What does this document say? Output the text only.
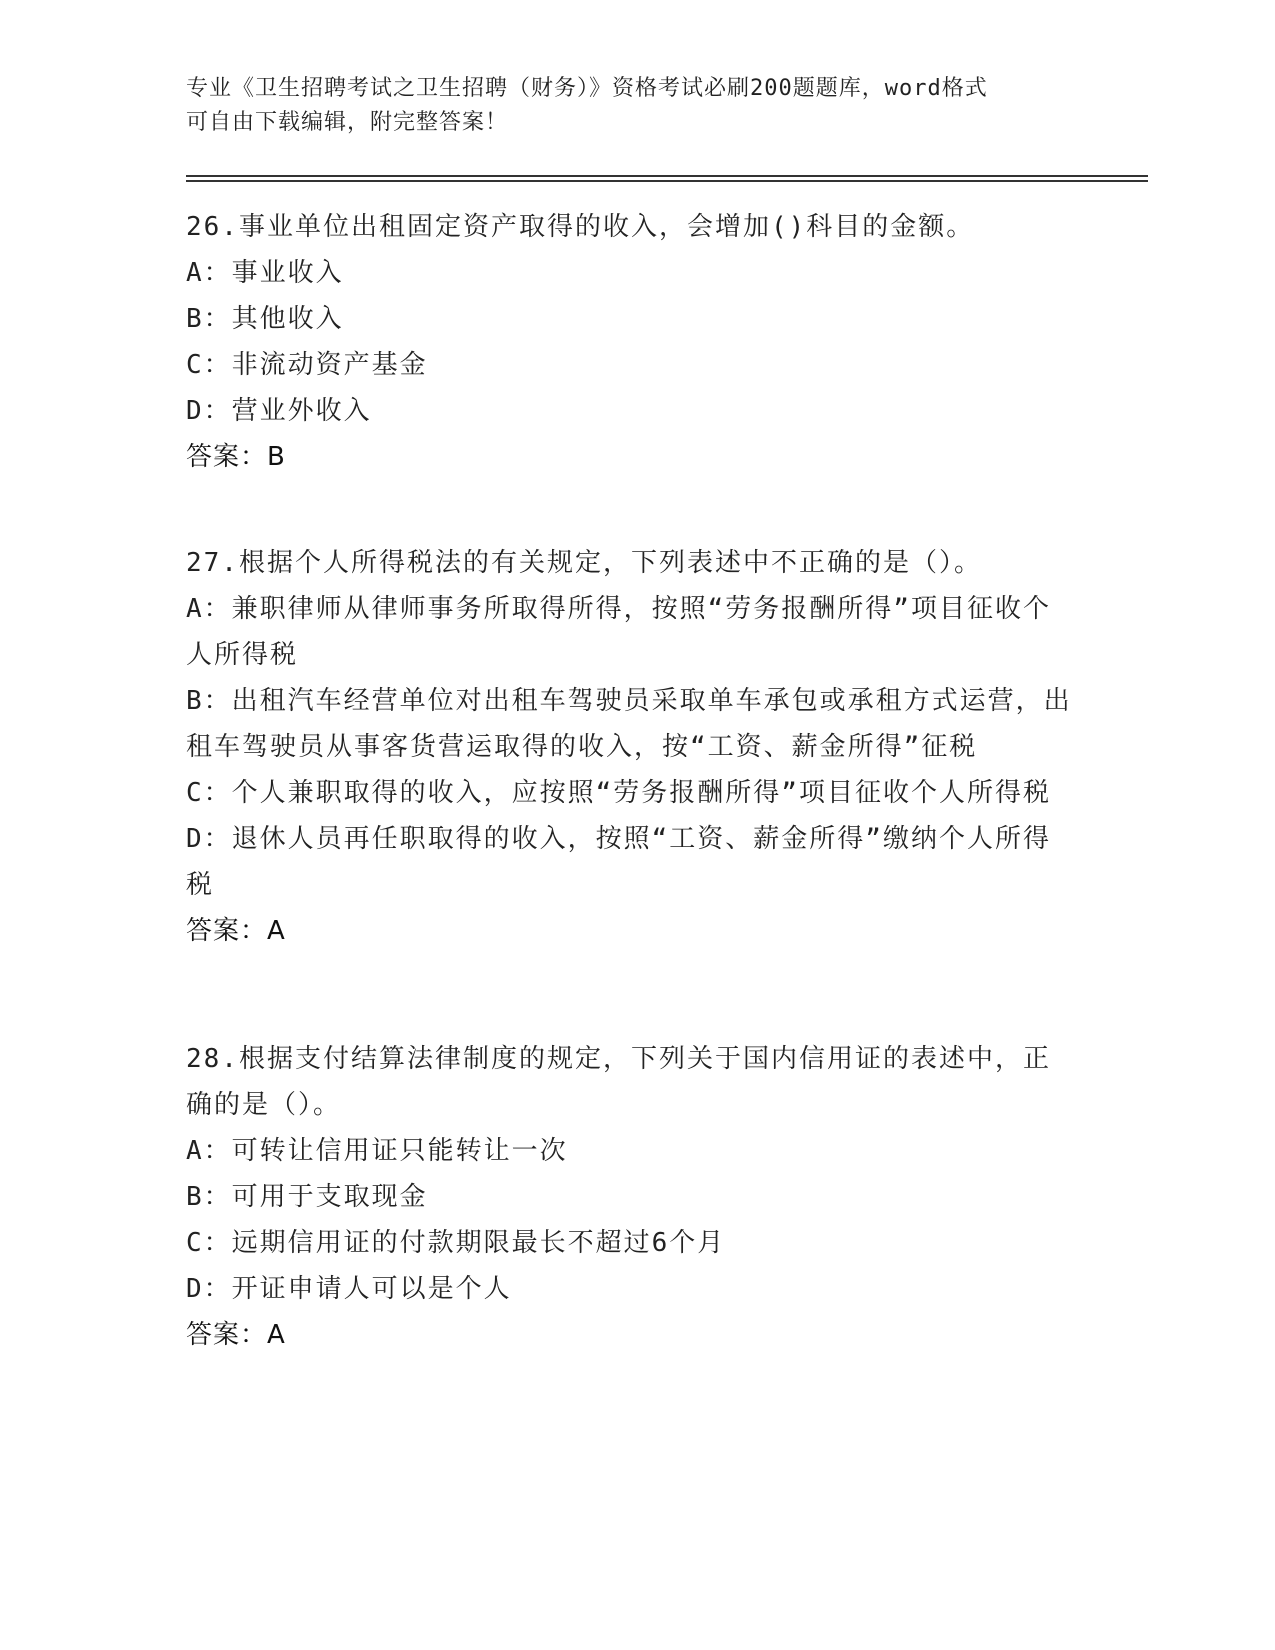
专业《卫生招聘考试之卫生招聘（财务）》资格考试必刷200题题库，word格式
可自由下载编辑，附完整答案！
26.事业单位出租固定资产取得的收入，会增加()科目的金额。
A：事业收入
B：其他收入
C：非流动资产基金
D：营业外收入
答案：B
27.根据个人所得税法的有关规定，下列表述中不正确的是（）。
A：兼职律师从律师事务所取得所得，按照“劳务报酬所得”项目征收个人所得税
B：出租汽车经营单位对出租车驾驶员采取单车承包或承租方式运营，出租车驾驶员从事客货营运取得的收入，按“工资、薪金所得”征税
C：个人兼职取得的收入，应按照“劳务报酬所得”项目征收个人所得税
D：退休人员再任职取得的收入，按照“工资、薪金所得”缴纳个人所得税
答案：A
28.根据支付结算法律制度的规定，下列关于国内信用证的表述中，正确的是（）。
A：可转让信用证只能转让一次
B：可用于支取现金
C：远期信用证的付款期限最长不超过6个月
D：开证申请人可以是个人
答案：A
